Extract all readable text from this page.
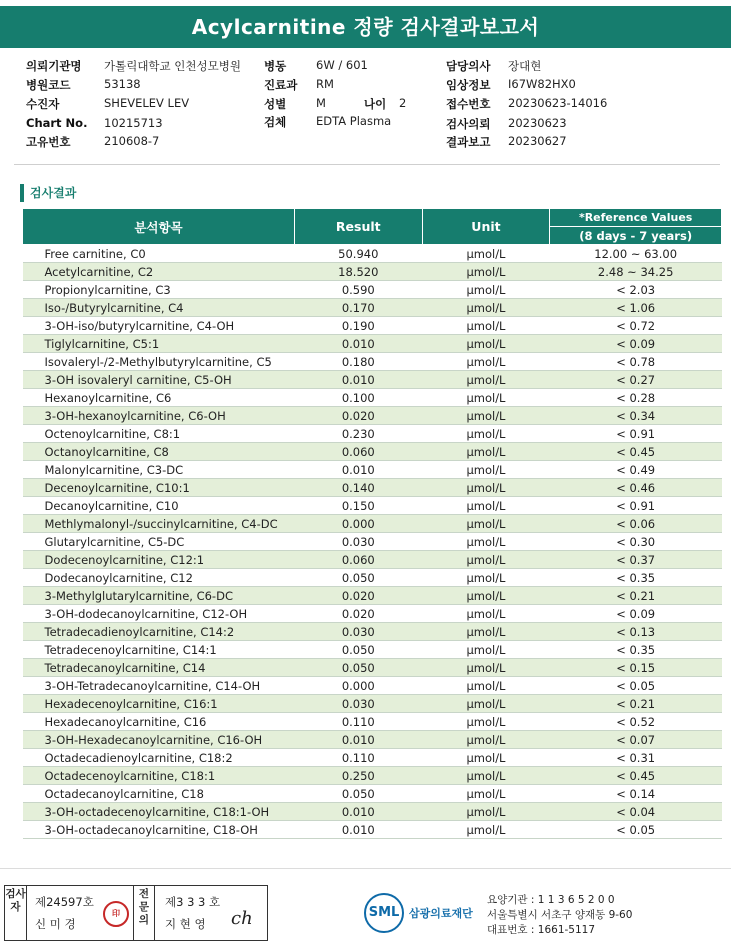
Acylcarnitine 정량 검사결과보고서
의뢰기관명 가톨릭대학교 인천성모병원
병원코드	53138
수진자	SHEVELEV LEV
Chart No. 10215713
고유번호	210608-7
병동	6W / 601
진료과 RM
성별	M	나이 2
검체	EDTA Plasma
담당의사 장대현
임상정보 I67W82HX0
접수번호 20230623-14016
검사의뢰 20230623
결과보고 20230627
검사결과
분석항목	Result	Unit	*Reference Values
			(8 days - 7 years)
Free carnitine, C0	50.940	μmol/L	12.00 ~ 63.00
Acetylcarnitine, C2	18.520	μmol/L	2.48 ~ 34.25
Propionylcarnitine, C3	0.590	μmol/L	< 2.03
Iso-/Butyrylcarnitine, C4	0.170	μmol/L	< 1.06
3-OH-iso/butyrylcarnitine, C4-OH	0.190	μmol/L	< 0.72
Tiglylcarnitine, C5:1	0.010	μmol/L	< 0.09
Isovaleryl-/2-Methylbutyrylcarnitine, C5	0.180	μmol/L	< 0.78
3-OH isovaleryl carnitine, C5-OH	0.010	μmol/L	< 0.27
Hexanoylcarnitine, C6	0.100	μmol/L	< 0.28
3-OH-hexanoylcarnitine, C6-OH	0.020	μmol/L	< 0.34
Octenoylcarnitine, C8:1	0.230	μmol/L	< 0.91
Octanoylcarnitine, C8	0.060	μmol/L	< 0.45
Malonylcarnitine, C3-DC	0.010	μmol/L	< 0.49
Decenoylcarnitine, C10:1	0.140	μmol/L	< 0.46
Decanoylcarnitine, C10	0.150	μmol/L	< 0.91
Methlymalonyl-/succinylcarnitine, C4-DC	0.000	μmol/L	< 0.06
Glutarylcarnitine, C5-DC	0.030	μmol/L	< 0.30
Dodecenoylcarnitine, C12:1	0.060	μmol/L	< 0.37
Dodecanoylcarnitine, C12	0.050	μmol/L	< 0.35
3-Methylglutarylcarnitine, C6-DC	0.020	μmol/L	< 0.21
3-OH-dodecanoylcarnitine, C12-OH	0.020	μmol/L	< 0.09
Tetradecadienoylcarnitine, C14:2	0.030	μmol/L	< 0.13
Tetradecenoylcarnitine, C14:1	0.050	μmol/L	< 0.35
Tetradecanoylcarnitine, C14	0.050	μmol/L	< 0.15
3-OH-Tetradecanoylcarnitine, C14-OH	0.000	μmol/L	< 0.05
Hexadecenoylcarnitine, C16:1	0.030	μmol/L	< 0.21
Hexadecanoylcarnitine, C16	0.110	μmol/L	< 0.52
3-OH-Hexadecanoylcarnitine, C16-OH	0.010	μmol/L	< 0.07
Octadecadienoylcarnitine, C18:2	0.110	μmol/L	< 0.31
Octadecenoylcarnitine, C18:1	0.250	μmol/L	< 0.45
Octadecanoylcarnitine, C18	0.050	μmol/L	< 0.14
3-OH-octadecenoylcarnitine, C18:1-OH	0.010	μmol/L	< 0.04
3-OH-octadecanoylcarnitine, C18-OH	0.010	μmol/L	< 0.05
검사자	제24597호
신 미 경
印
전문의
제3 3 3 호
지 현 영 ch	SML 삼광의료재단
요양기관 : 1 1 3 6 5 2 0 0
서울특별시 서초구 양재동 9-60
대표번호 : 1661-5117
